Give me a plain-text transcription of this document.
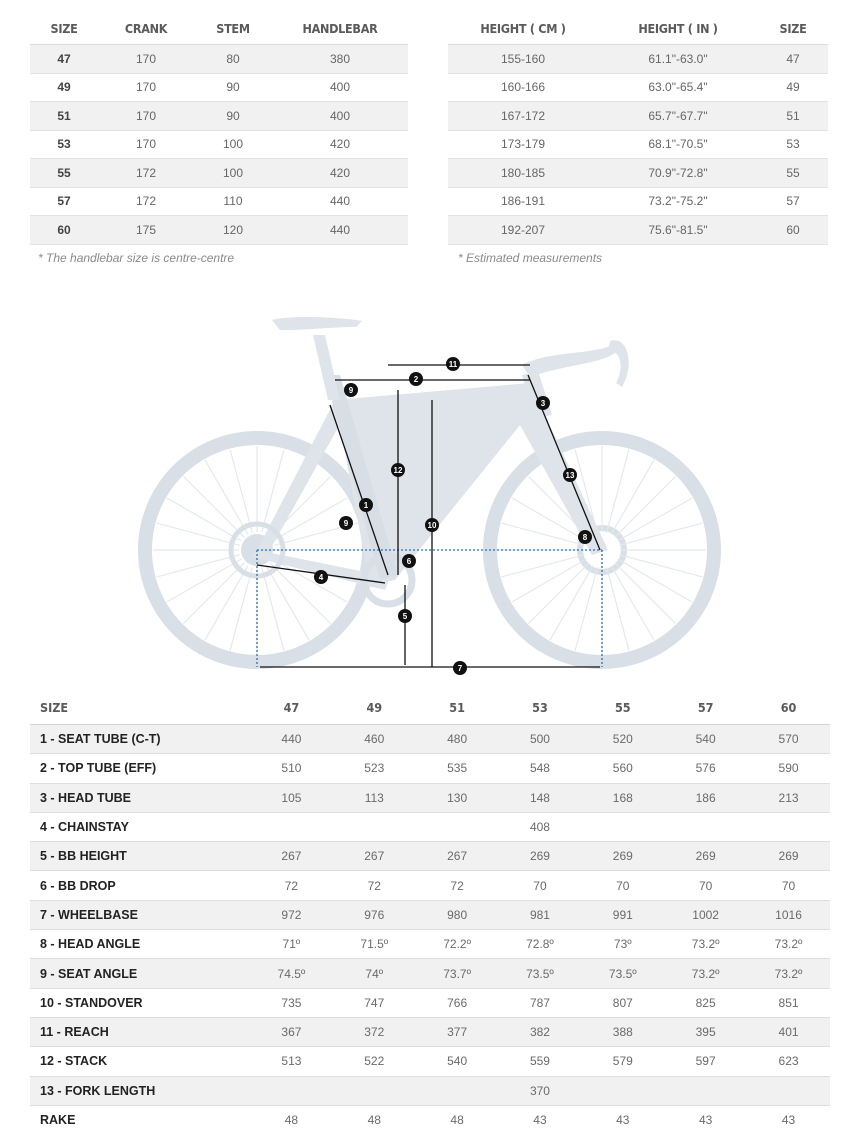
SIZE	CRANK	STEM	HANDLEBAR
47	170	80	380
49	170	90	400
51	170	90	400
53	170	100	420
55	172	100	420
57	172	110	440
60	175	120	440
* The handlebar size is centre-centre
HEIGHT ( CM )	HEIGHT ( IN )	SIZE
155-160	61.1"-63.0"	47
160-166	63.0"-65.4"	49
167-172	65.7"-67.7"	51
173-179	68.1"-70.5"	53
180-185	70.9"-72.8"	55
186-191	73.2"-75.2"	57
192-207	75.6"-81.5"	60
* Estimated measurements
1
2
3
4
5
6
7
8
9
9	10
11
12
13
SIZE	47	49	51	53	55	57	60
1 - SEAT TUBE (C-T)	440	460	480	500	520	540	570
2 - TOP TUBE (EFF)	510	523	535	548	560	576	590
3 - HEAD TUBE	105	113	130	148	168	186	213
4 - CHAINSTAY				408			
5 - BB HEIGHT	267	267	267	269	269	269	269
6 - BB DROP	72	72	72	70	70	70	70
7 - WHEELBASE	972	976	980	981	991	1002	1016
8 - HEAD ANGLE	71º	71.5º	72.2º	72.8º	73º	73.2º	73.2º
9 - SEAT ANGLE	74.5º	74º	73.7º	73.5º	73.5º	73.2º	73.2º
10 - STANDOVER	735	747	766	787	807	825	851
11 - REACH	367	372	377	382	388	395	401
12 - STACK	513	522	540	559	579	597	623
13 - FORK LENGTH				370			
RAKE	48	48	48	43	43	43	43
